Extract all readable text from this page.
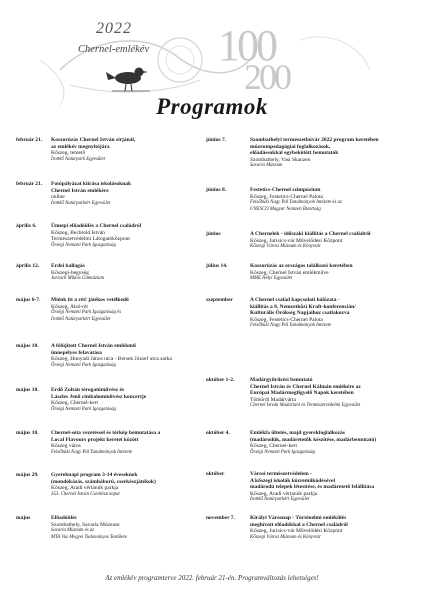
2022
Chernel-emlékév 100
200
Programok
február 21.	Koszorúzás Chernel István sírjánál,
az emlékév megnyitójára
Kőszeg, temető
Írottkő Natúrpark Egyesület
február 21.	Fotópályázat kiírása iskolásoknak
Chernel István emlékére
online
Írottkő Natúrparkért Egyesület
április 6.	Ünnepi előadóülés a Chernel családról
Kőszeg, Bechtold István
Természetvédelmi Látogatóközpont
Őrségi Nemzeti Park Igazgatóság
április 12.	Erdei ballagás
Kőszegi-hegység
Jurisich Miklós Gimnázium
május 6-7.	Miénk itt a rét! játékos vetélkedő
Kőszeg, Alsó-rét
Őrségi Nemzeti Park Igazgatóság és
Írottkő Natúrparkért Egyesület
május 10.	A félújított Chernel István emlékmű
ünnepélyes felavatása
Kőszeg, Hunyadi János utca - Bersek József utca sarka
Őrségi Nemzeti Park Igazgatóság
május 10.	Erdő Zoltán térogatóművész és
Lászles Jenő cimbalomművész koncertje
Kőszeg, Chernel-kert
Őrségi Nemzeti Park Igazgatóság
május 10.	Chernel-séta vezetéssel és térkép bemutatása a
Local Flavours projekt keretei között
Kőszeg város
Felsőbüki Nagy Pál Tanulmányok Intézete
május 29.	Gyereknapi program 3-14 éveseknek
(mondókázás, számháború, cserkészjátékok)
Kőszeg, Aradi vértanúk parkja
353. Chernel István Cserkészcsapat
május	Előadóülés
Szombathely, Savaria Múzeum
Savaria Múzeum és az
MTA Vas Megyei Tudományos Testülete
június 7.	Szombathelyi természetbúvár 2022 program keretében
múzeumpedagógiai foglalkozások,
előadássokkal egybekötött bemutatók
Szombathely, Vasi Skanzen
Savaria Múzeum
június 8.	Festetics-Chernel szimpózium
Kőszeg, Festetics-Chernel Palota
Felsőbüki Nagy Pál Tanulmányok Intézete és az
UNESCO Magyar Nemzeti Bizottság
június	A Chernelek - időszaki kiállítás a Chernel családról
Kőszeg, Jurisics-vár Művelődési Központ
Kőszegi Városi Múzeum és Könyvtár
július 14.	Koszorúzás az országos találkozó keretében
Kőszeg, Chernel István emlékműve
MME Helyi Egyesület
szeptember	A Chernel család kapcsolati hálózata -
kiállítás a 8. Nemzetközi Kraft-konferencián/
Kulturális Örökség Napjaihoz csatlakozva
Kőszeg, Festetics-Chernel Palota
Felsőbüki Nagy Pál Tanulmányok Intézete
október 1-2.	Madárgyűrűzési bemutató
Chernel István és Chernel Kálmán emlékére az
Európai Madármegfigyelő Napok keretében
Tömördi Madárvárta
Chernel István Madártani és Természetvédelmi Egyesület
október 4.	Emlékfa ültetés, majd gyerekfoglalkozás
(madárodúk, madáretetők készítése, madárbemutató)
Kőszeg, Chernel-kert
Őrségi Nemzeti Park Igazgatóság
október	Városi természetvédelem -
A kőszegi iskolák közreműködésével
madárodú telepek létesítése, és madáretető felállítása
Kőszeg, Aradi vértanúk parkja
Írottkő Natúrparkért Egyesület
november 7.	Királyi Városnap - Történelmi emlékülés
meghívott előadókkal a Chernel családról
Kőszeg, Jurisics-vár Művelődési Központ
Kőszegi Városi Múzeum és Könyvtár
Az emlékév programterve 2022. február 21-én. Programváltozás lehetséges!
